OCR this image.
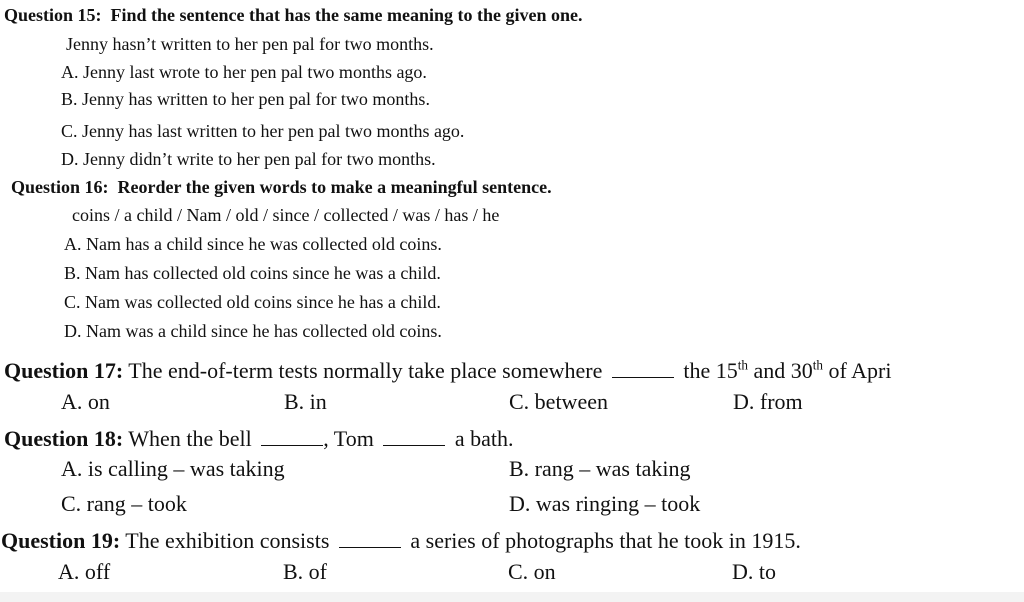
Question 15: Find the sentence that has the same meaning to the given one.
Jenny hasn’t written to her pen pal for two months.
A. Jenny last wrote to her pen pal two months ago.
B. Jenny has written to her pen pal for two months.
C. Jenny has last written to her pen pal two months ago.
D. Jenny didn’t write to her pen pal for two months.
Question 16: Reorder the given words to make a meaningful sentence.
coins / a child / Nam / old / since / collected / was / has / he
A. Nam has a child since he was collected old coins.
B. Nam has collected old coins since he was a child.
C. Nam was collected old coins since he has a child.
D. Nam was a child since he has collected old coins.
Question 17: The end-of-term tests normally take place somewhere	the 15th and 30th of Apri
A. on	B. in	C. between	D. from
Question 18: When the bell	, Tom	a bath.
A. is calling – was taking	B. rang – was taking
C. rang – took	D. was ringing – took
Question 19: The exhibition consists	a series of photographs that he took in 1915.
A. off	B. of	C. on	D. to
